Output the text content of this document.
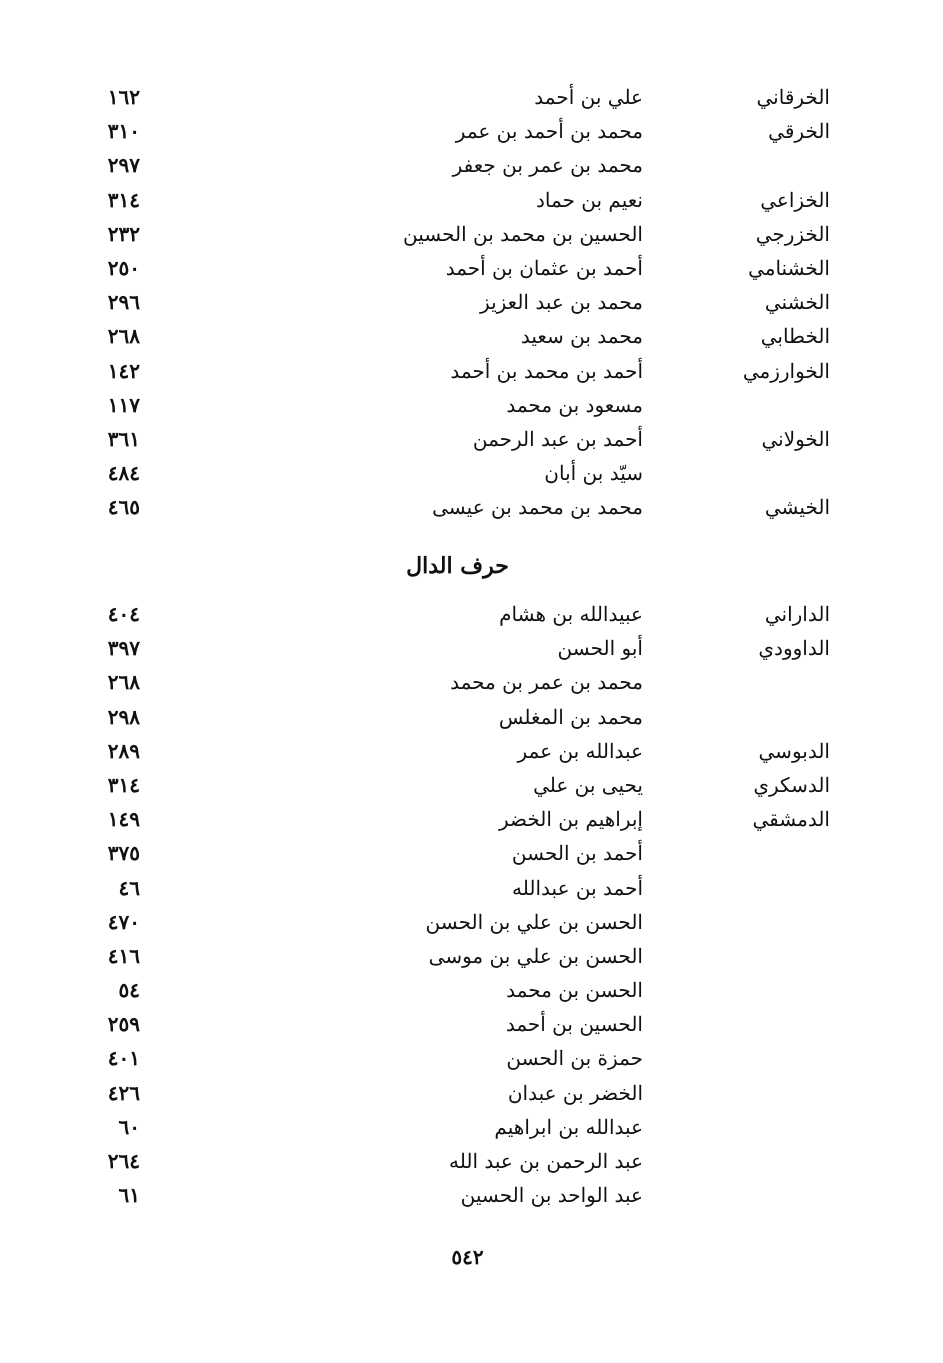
الخرقاني
علي بن أحمد
١٦٢
الخرقي
محمد بن أحمد بن عمر
٣١٠
محمد بن عمر بن جعفر
٢٩٧
الخزاعي
نعيم بن حماد
٣١٤
الخزرجي
الحسين بن محمد بن الحسين
٢٣٢
الخشنامي
أحمد بن عثمان بن أحمد
٢٥٠
الخشني
محمد بن عبد العزيز
٢٩٦
الخطابي
محمد بن سعيد
٢٦٨
الخوارزمي
أحمد بن محمد بن أحمد
١٤٢
مسعود بن محمد
١١٧
الخولاني
أحمد بن عبد الرحمن
٣٦١
سيّد بن أبان
٤٨٤
الخيشي
محمد بن محمد بن عيسى
٤٦٥
حرف الدال
الداراني
عبيدالله بن هشام
٤٠٤
الداوودي
أبو الحسن
٣٩٧
محمد بن عمر بن محمد
٢٦٨
محمد بن المغلس
٢٩٨
الدبوسي
عبدالله بن عمر
٢٨٩
الدسكري
يحيى بن علي
٣١٤
الدمشقي
إبراهيم بن الخضر
١٤٩
أحمد بن الحسن
٣٧٥
أحمد بن عبدالله
٤٦
الحسن بن علي بن الحسن
٤٧٠
الحسن بن علي بن موسى
٤١٦
الحسن بن محمد
٥٤
الحسين بن أحمد
٢٥٩
حمزة بن الحسن
٤٠١
الخضر بن عبدان
٤٢٦
عبدالله بن ابراهيم
٦٠
عبد الرحمن بن عبد الله
٢٦٤
عبد الواحد بن الحسين
٦١
٥٤٢
